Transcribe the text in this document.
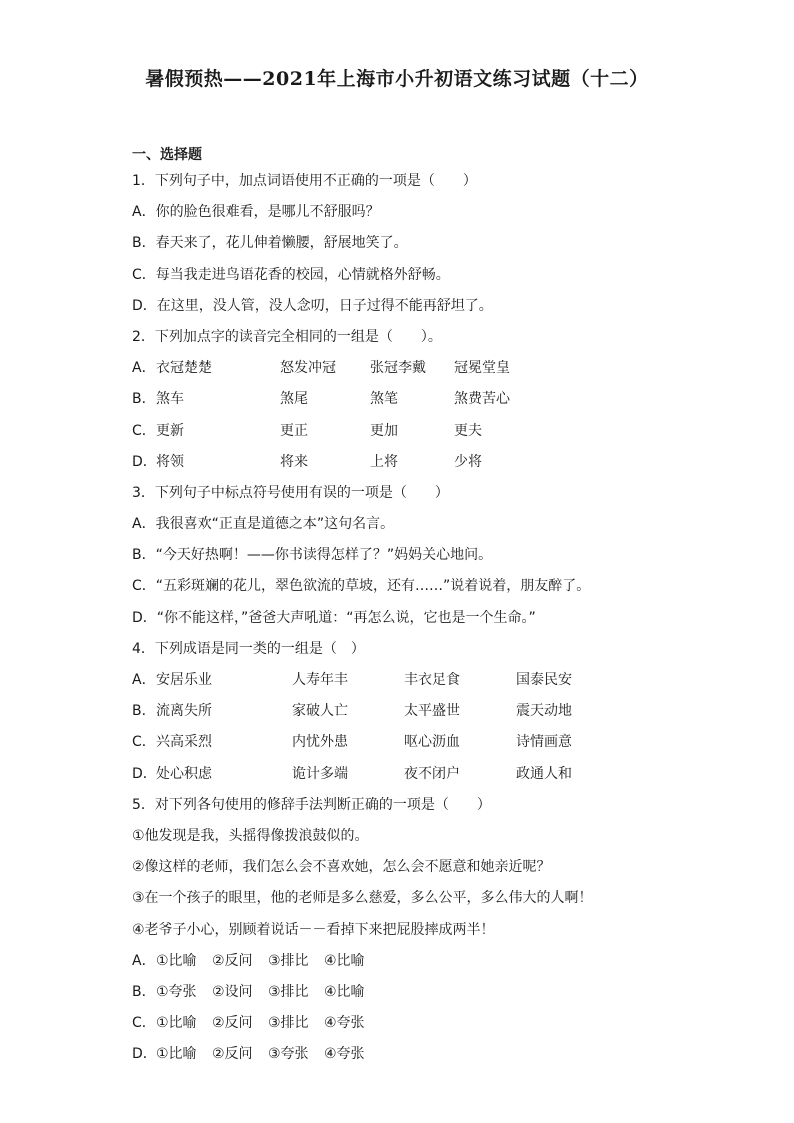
暑假预热——2021年上海市小升初语文练习试题（十二）
一、选择题
1．下列句子中，加点词语使用不正确的一项是（　　）
A．你的脸色很难看，是哪儿不舒服吗？
B．春天来了，花儿伸着懒腰，舒展地笑了。
C．每当我走进鸟语花香的校园，心情就格外舒畅。
D．在这里，没人管，没人念叨，日子过得不能再舒坦了。
2．下列加点字的读音完全相同的一组是（　　）。
A．衣冠楚楚	怒发冲冠 张冠李戴 冠冕堂皇
B．煞车	煞尾	煞笔	煞费苦心
C．更新	更正	更加	更夫
D．将领	将来	上将	少将
3．下列句子中标点符号使用有误的一项是（　　）
A．我很喜欢“正直是道德之本”这句名言。
B．“今天好热啊！——你书读得怎样了？”妈妈关心地问。
C．“五彩斑斓的花儿，翠色欲流的草坡，还有……”说着说着，朋友醉了。
D．“你不能这样，”爸爸大声吼道：“再怎么说，它也是一个生命。”
4．下列成语是同一类的一组是（　）
A．安居乐业	人寿年丰	丰衣足食	国泰民安
B．流离失所	家破人亡	太平盛世	震天动地
C．兴高采烈	内忧外患	呕心沥血	诗情画意
D．处心积虑	诡计多端	夜不闭户	政通人和
5．对下列各句使用的修辞手法判断正确的一项是（　　）
①他发现是我，头摇得像拨浪鼓似的。
②像这样的老师，我们怎么会不喜欢她，怎么会不愿意和她亲近呢？
③在一个孩子的眼里，他的老师是多么慈爱，多么公平，多么伟大的人啊！
④老爷子小心，别顾着说话－－看掉下来把屁股摔成两半！
A．①比喻 ②反问 ③排比 ④比喻
B．①夸张 ②设问 ③排比 ④比喻
C．①比喻 ②反问 ③排比 ④夸张
D．①比喻 ②反问 ③夸张 ④夸张
